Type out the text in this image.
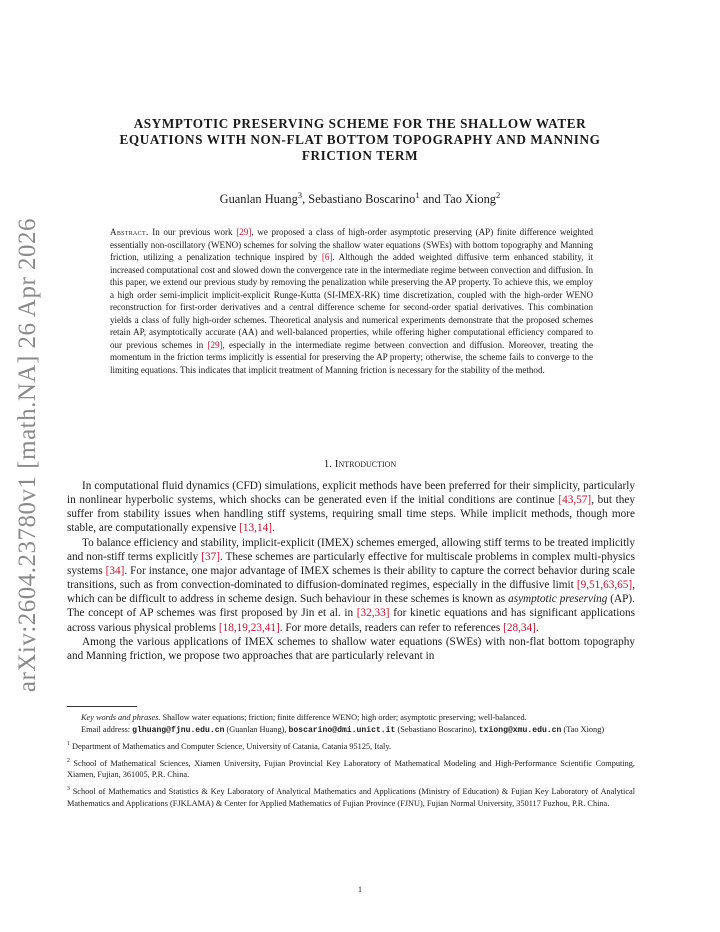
arXiv:2604.23780v1 [math.NA] 26 Apr 2026
ASYMPTOTIC PRESERVING SCHEME FOR THE SHALLOW WATER
EQUATIONS WITH NON-FLAT BOTTOM TOPOGRAPHY AND MANNING
FRICTION TERM
Guanlan Huang$^3$, Sebastiano Boscarino$^1$ and Tao Xiong$^2$
Abstract. In our previous work [29], we proposed a class of high-order asymptotic preserving (AP) finite difference weighted essentially non-oscillatory (WENO) schemes for solving the shallow water equations (SWEs) with bottom topography and Manning friction, utilizing a penalization technique inspired by [6]. Although the added weighted diffusive term enhanced stability, it increased computational cost and slowed down the convergence rate in the intermediate regime between convection and diffusion. In this paper, we extend our previous study by removing the penalization while preserving the AP property. To achieve this, we employ a high order semi-implicit implicit-explicit Runge-Kutta (SI-IMEX-RK) time discretization, coupled with the high-order WENO reconstruction for first-order derivatives and a central difference scheme for second-order spatial derivatives. This combination yields a class of fully high-order schemes. Theoretical analysis and numerical experiments demonstrate that the proposed schemes retain AP, asymptotically accurate (AA) and well-balanced properties, while offering higher computational efficiency compared to our previous schemes in [29], especially in the intermediate regime between convection and diffusion. Moreover, treating the momentum in the friction terms implicitly is essential for preserving the AP property; otherwise, the scheme fails to converge to the limiting equations. This indicates that implicit treatment of Manning friction is necessary for the stability of the method.
1. Introduction

In computational fluid dynamics (CFD) simulations, explicit methods have been preferred for their simplicity, particularly in nonlinear hyperbolic systems, which shocks can be generated even if the initial conditions are continue [43,57], but they suffer from stability issues when handling stiff systems, requiring small time steps. While implicit methods, though more stable, are computationally expensive [13,14].

To balance efficiency and stability, implicit-explicit (IMEX) schemes emerged, allowing stiff terms to be treated implicitly and non-stiff terms explicitly [37]. These schemes are particularly effective for multiscale problems in complex multi-physics systems [34]. For instance, one major advantage of IMEX schemes is their ability to capture the correct behavior during scale transitions, such as from convection-dominated to diffusion-dominated regimes, especially in the diffusive limit [9,51,63,65], which can be difficult to address in scheme design. Such behaviour in these schemes is known as asymptotic preserving (AP). The concept of AP schemes was first proposed by Jin et al. in [32,33] for kinetic equations and has significant applications across various physical problems [18,19,23,41]. For more details, readers can refer to references [28,34].

Among the various applications of IMEX schemes to shallow water equations (SWEs) with non-flat bottom topography and Manning friction, we propose two approaches that are particularly relevant in

Key words and phrases. Shallow water equations; friction; finite difference WENO; high order; asymptotic preserving; well-balanced.

Email address: glhuang@fjnu.edu.cn (Guanlan Huang), boscarino@dmi.unict.it (Sebastiano Boscarino), txiong@xmu.edu.cn (Tao Xiong)

$^1$ Department of Mathematics and Computer Science, University of Catania, Catania 95125, Italy.

$^2$ School of Mathematical Sciences, Xiamen University, Fujian Provincial Key Laboratory of Mathematical Modeling and High-Performance Scientific Computing, Xiamen, Fujian, 361005, P.R. China.

$^3$ School of Mathematics and Statistics & Key Laboratory of Analytical Mathematics and Applications (Ministry of Education) & Fujian Key Laboratory of Analytical Mathematics and Applications (FJKLAMA) & Center for Applied Mathematics of Fujian Province (FJNU), Fujian Normal University, 350117 Fuzhou, P.R. China.

1
